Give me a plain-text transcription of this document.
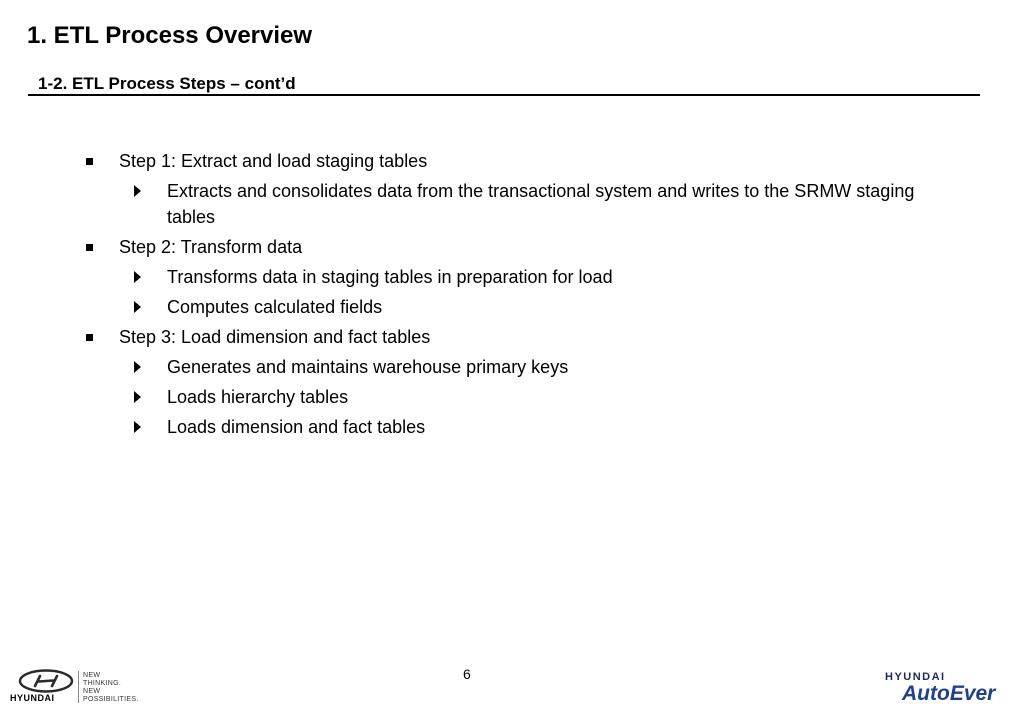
1. ETL Process Overview
1-2. ETL Process Steps – cont’d
Step 1: Extract and load staging tables
Extracts and consolidates data from the transactional system and writes to the SRMW staging tables
Step 2: Transform data
Transforms data in staging tables in preparation for load
Computes calculated fields
Step 3: Load dimension and fact tables
Generates and maintains warehouse primary keys
Loads hierarchy tables
Loads dimension and fact tables
6
HYUNDAI
NEW
THINKING.
NEW
POSSIBILITIES.
HYUNDAI
AutoEver
